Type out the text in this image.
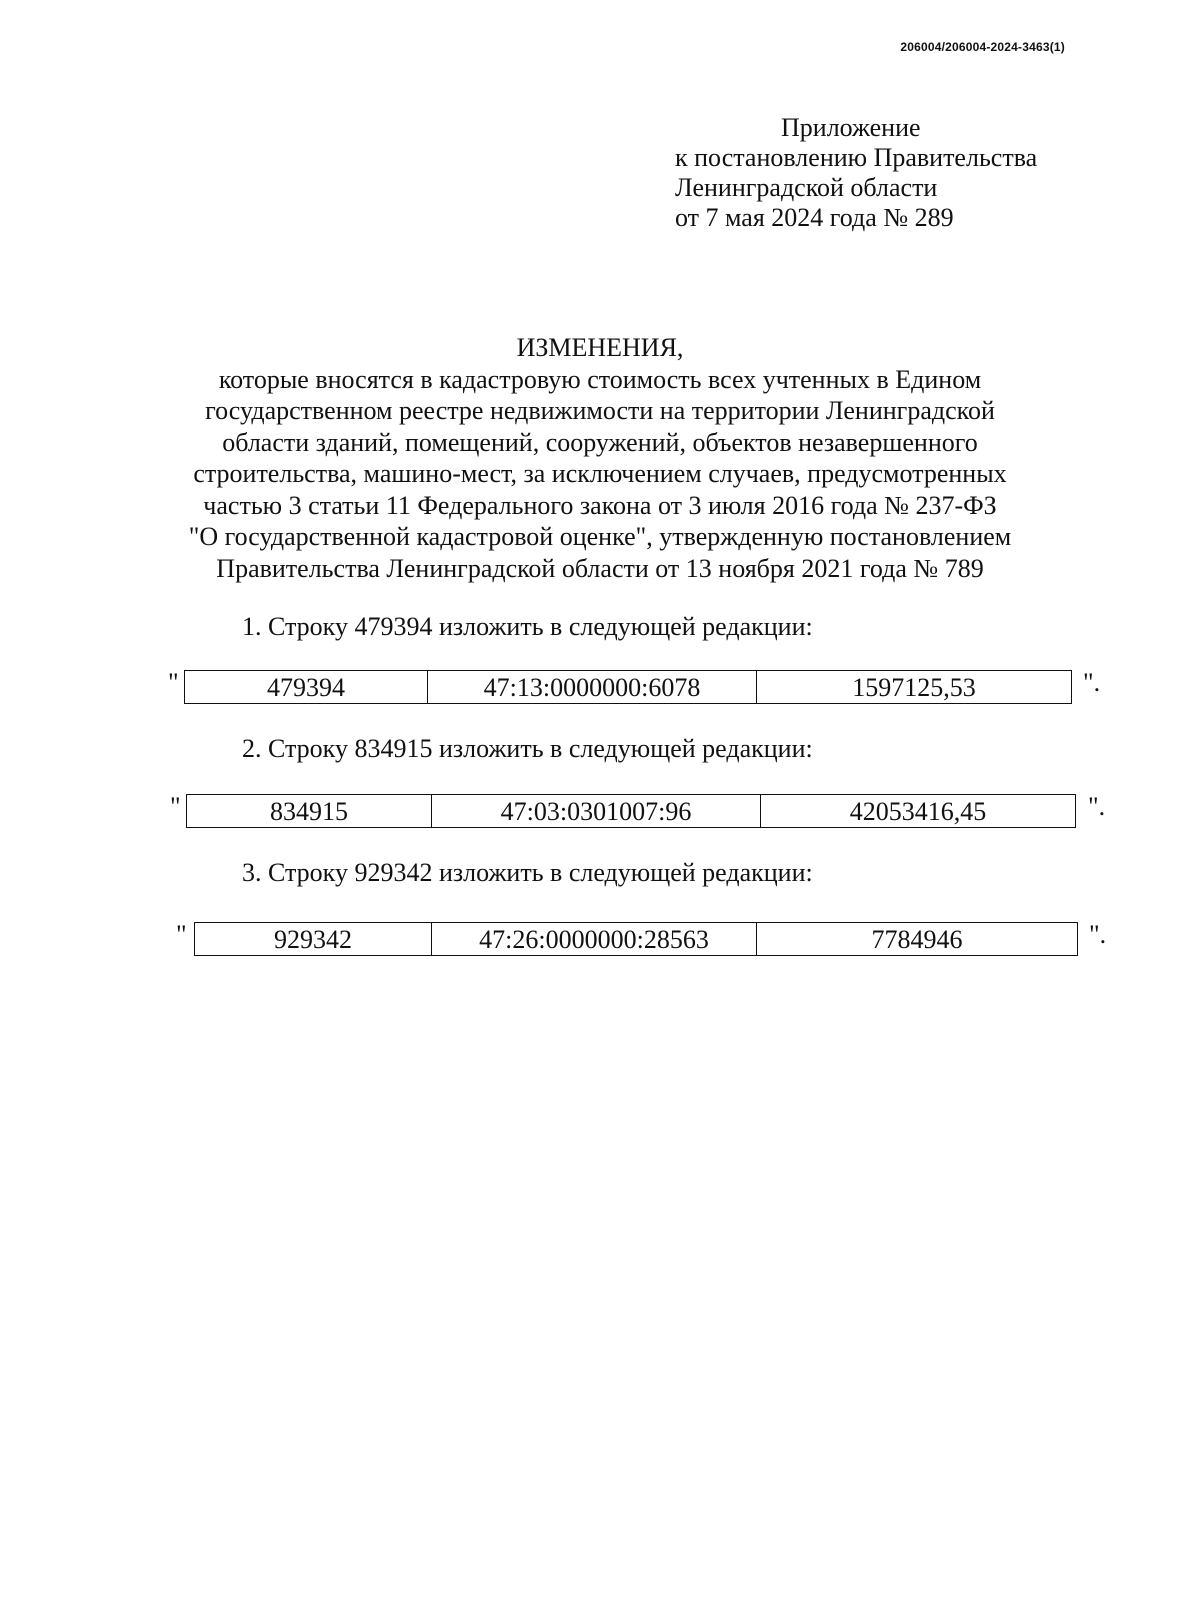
206004/206004-2024-3463(1)
Приложение
к постановлению Правительства
Ленинградской области
от 7 мая 2024 года № 289
ИЗМЕНЕНИЯ,
которые вносятся в кадастровую стоимость всех учтенных в Едином
государственном реестре недвижимости на территории Ленинградской
области зданий, помещений, сооружений, объектов незавершенного
строительства, машино-мест, за исключением случаев, предусмотренных
частью 3 статьи 11 Федерального закона от 3 июля 2016 года № 237-ФЗ
"О государственной кадастровой оценке", утвержденную постановлением
Правительства Ленинградской области от 13 ноября 2021 года № 789
1. Строку 479394 изложить в следующей редакции:
"	479394	47:13:0000000:6078	1597125,53	".
2. Строку 834915 изложить в следующей редакции:
"	834915	47:03:0301007:96	42053416,45	".
3. Строку 929342 изложить в следующей редакции:
"	929342	47:26:0000000:28563	7784946	".
